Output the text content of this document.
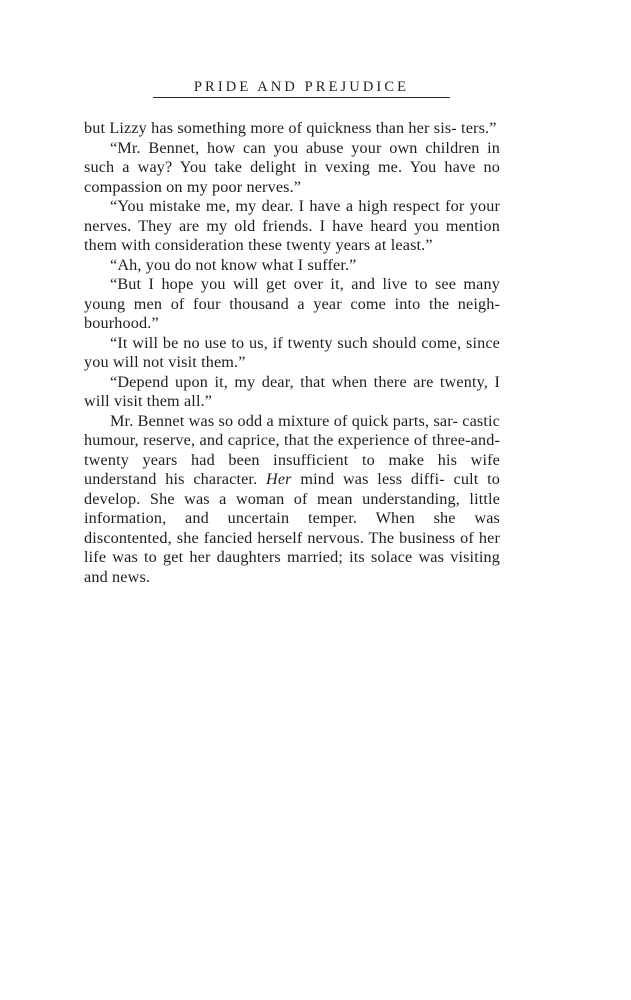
PRIDE AND PREJUDICE

but Lizzy has something more of quickness than her sis- ters.”

“Mr. Bennet, how can you abuse your own children in such a way? You take delight in vexing me. You have no compassion on my poor nerves.”

“You mistake me, my dear. I have a high respect for your nerves. They are my old friends. I have heard you mention them with consideration these twenty years at least.”

“Ah, you do not know what I suffer.”

“But I hope you will get over it, and live to see many young men of four thousand a year come into the neigh- bourhood.”

“It will be no use to us, if twenty such should come, since you will not visit them.”

“Depend upon it, my dear, that when there are twenty, I will visit them all.”

Mr. Bennet was so odd a mixture of quick parts, sar- castic humour, reserve, and caprice, that the experience of three-and-twenty years had been insufficient to make his wife understand his character. Her mind was less diffi- cult to develop. She was a woman of mean understanding, little information, and uncertain temper. When she was discontented, she fancied herself nervous. The business of her life was to get her daughters married; its solace was visiting and news.
